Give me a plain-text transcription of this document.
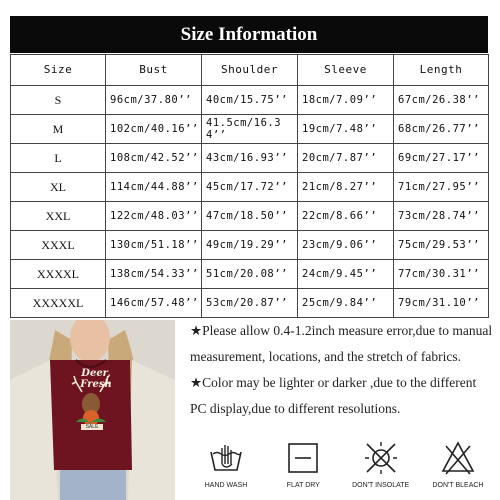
Size Information
Size	Bust	Shoulder	Sleeve	Length
S	96cm/37.80’’	40cm/15.75’’	18cm/7.09’’	67cm/26.38’’
M	102cm/40.16’’	41.5cm/16.34’’	19cm/7.48’’	68cm/26.77’’
L	108cm/42.52’’	43cm/16.93’’	20cm/7.87’’	69cm/27.17’’
XL	114cm/44.88’’	45cm/17.72’’	21cm/8.27’’	71cm/27.95’’
XXL	122cm/48.03’’	47cm/18.50’’	22cm/8.66’’	73cm/28.74’’
XXXL	130cm/51.18’’	49cm/19.29’’	23cm/9.06’’	75cm/29.53’’
XXXXL	138cm/54.33’’	51cm/20.08’’	24cm/9.45’’	77cm/30.31’’
XXXXXL	146cm/57.48’’	53cm/20.87’’	25cm/9.84’’	79cm/31.10’’
Deer, Fresh
SALE
★Please allow 0.4-1.2inch measure error,due to manual measurement, locations, and the stretch of fabrics.
★Color may be lighter or darker ,due to the different PC display,due to different resolutions.
HAND WASH	FLAT DRY	DON'T INSOLATE	DON'T BLEACH
